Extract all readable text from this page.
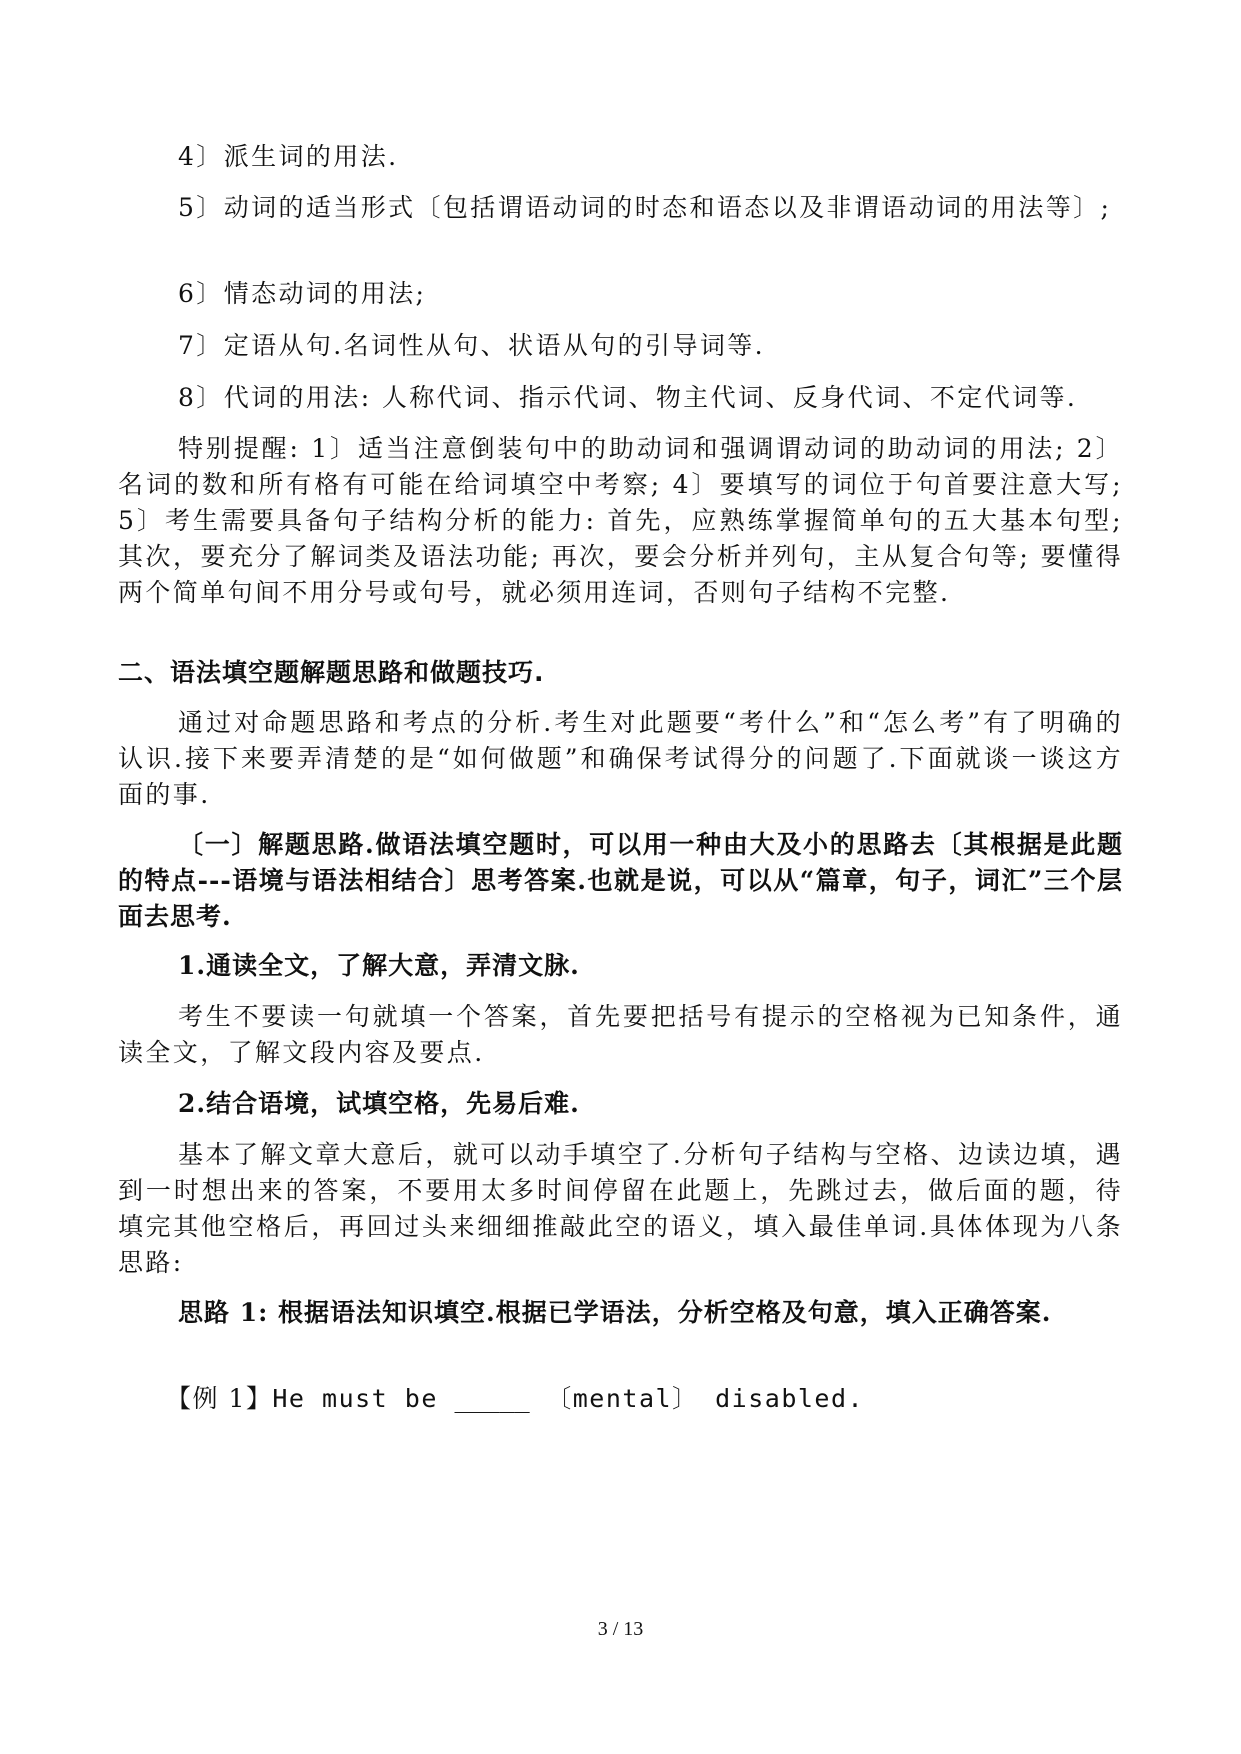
4〕派生词的用法.

5〕动词的适当形式〔包括谓语动词的时态和语态以及非谓语动词的用法等〕;

6〕情态动词的用法;

7〕定语从句.名词性从句、状语从句的引导词等.

8〕代词的用法: 人称代词、指示代词、物主代词、反身代词、不定代词等.

特别提醒: 1〕适当注意倒装句中的助动词和强调谓动词的助动词的用法; 2〕名词的数和所有格有可能在给词填空中考察; 4〕要填写的词位于句首要注意大写; 5〕考生需要具备句子结构分析的能力: 首先，应熟练掌握简单句的五大基本句型; 其次，要充分了解词类及语法功能; 再次，要会分析并列句，主从复合句等; 要懂得两个简单句间不用分号或句号，就必须用连词，否则句子结构不完整.

二、语法填空题解题思路和做题技巧.

通过对命题思路和考点的分析.考生对此题要“考什么”和“怎么考”有了明确的认识.接下来要弄清楚的是“如何做题”和确保考试得分的问题了.下面就谈一谈这方面的事.

〔一〕解题思路.做语法填空题时，可以用一种由大及小的思路去〔其根据是此题的特点---语境与语法相结合〕思考答案.也就是说，可以从“篇章，句子，词汇”三个层面去思考.

1.通读全文，了解大意，弄清文脉.

考生不要读一句就填一个答案，首先要把括号有提示的空格视为已知条件，通读全文，了解文段内容及要点.

2.结合语境，试填空格，先易后难.

基本了解文章大意后，就可以动手填空了.分析句子结构与空格、边读边填，遇到一时想出来的答案，不要用太多时间停留在此题上，先跳过去，做后面的题，待填完其他空格后，再回过头来细细推敲此空的语义，填入最佳单词.具体体现为八条思路:

思路 1: 根据语法知识填空.根据已学语法，分析空格及句意，填入正确答案.

【例 1】He must be _____ 〔mental〕 disabled.

3 / 13
